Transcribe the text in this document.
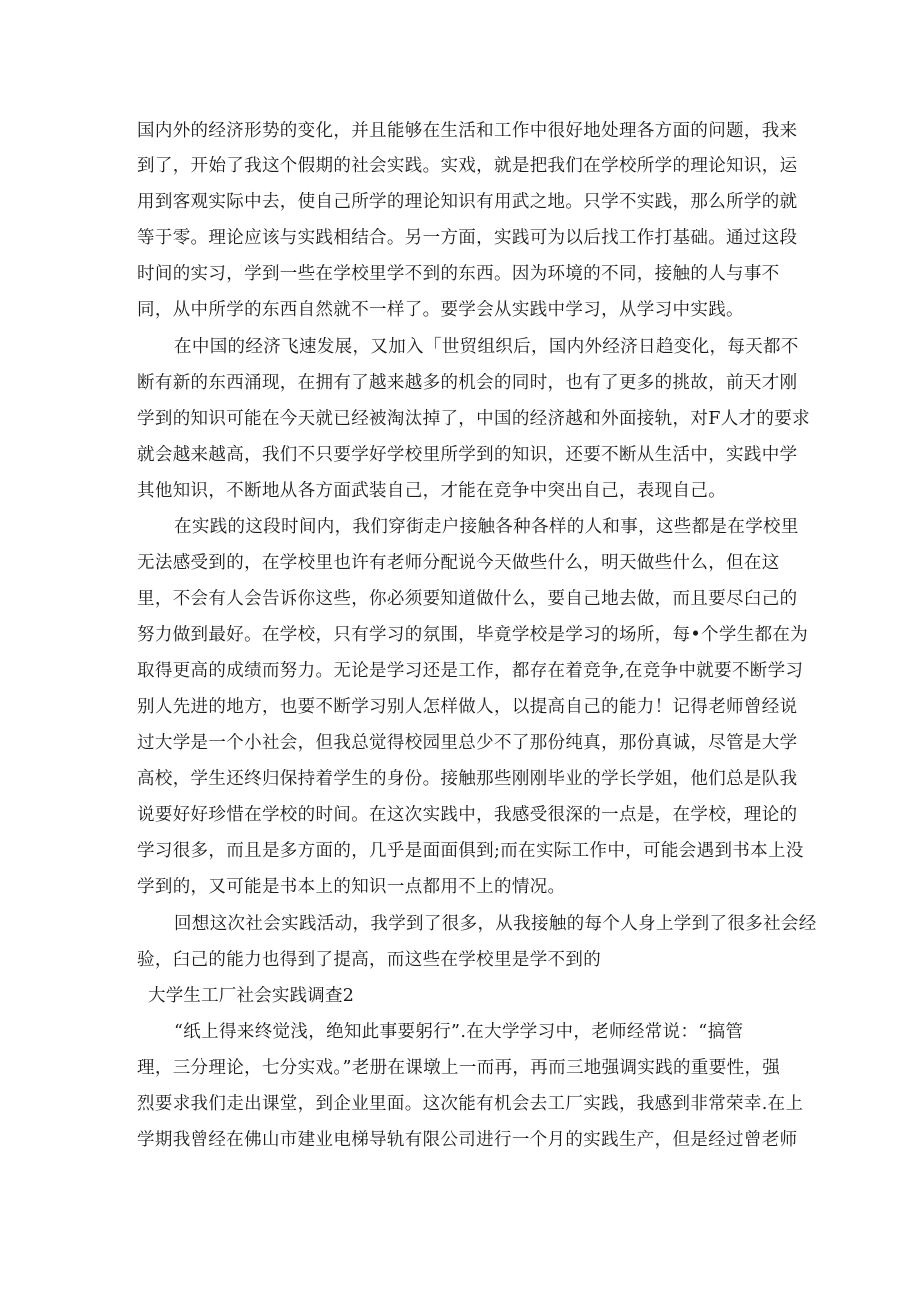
国内外的经济形势的变化，并且能够在生活和工作中很好地处理各方面的问题，我来
到了，开始了我这个假期的社会实践。实戏，就是把我们在学校所学的理论知识，运
用到客观实际中去，使自己所学的理论知识有用武之地。只学不实践，那么所学的就
等于零。理论应该与实践相结合。另一方面，实践可为以后找工作打基础。通过这段
时间的实习，学到一些在学校里学不到的东西。因为环境的不同，接触的人与事不
同，从中所学的东西自然就不一样了。要学会从实践中学习，从学习中实践。
在中国的经济飞速发展，又加入「世贸组织后，国内外经济日趋变化，每天都不
断有新的东西涌现，在拥有了越来越多的机会的同时，也有了更多的挑故，前天才刚
学到的知识可能在今天就已经被淘汰掉了，中国的经济越和外面接轨，对F人才的要求
就会越来越高，我们不只要学好学校里所学到的知识，还要不断从生活中，实践中学
其他知识，不断地从各方面武装自己，才能在竞争中突出自己，表现自己。
在实践的这段时间内，我们穿街走户接触各种各样的人和事，这些都是在学校里
无法感受到的，在学校里也许有老师分配说今天做些什么，明天做些什么，但在这
里，不会有人会告诉你这些，你必须要知道做什么，要自己地去做，而且要尽臼己的
努力做到最好。在学校，只有学习的氛围，毕竟学校是学习的场所，每•个学生都在为
取得更高的成绩而努力。无论是学习还是工作，都存在着竞争,在竞争中就要不断学习
别人先进的地方，也要不断学习别人怎样做人，以提高自己的能力！记得老师曾经说
过大学是一个小社会，但我总觉得校园里总少不了那份纯真，那份真诚，尽管是大学
高校，学生还终归保持着学生的身份。接触那些刚刚毕业的学长学姐，他们总是队我
说要好好珍惜在学校的时间。在这次实践中，我感受很深的一点是，在学校，理论的
学习很多，而且是多方面的，几乎是面面俱到;而在实际工作中，可能会遇到书本上没
学到的，又可能是书本上的知识一点都用不上的情况。
回想这次社会实践活动，我学到了很多，从我接触的每个人身上学到了很多社会经
验，臼己的能力也得到了提高，而这些在学校里是学不到的
大学生工厂社会实践调查2
“纸上得来终觉浅，绝知此事要躬行”.在大学学习中，老师经常说：“搞管
理，三分理论，七分实戏。”老册在课墩上一而再，再而三地强调实践的重要性，强
烈要求我们走出课堂，到企业里面。这次能有机会去工厂实践，我感到非常荣幸.在上
学期我曾经在佛山市建业电梯导轨有限公司进行一个月的实践生产，但是经过曾老师
